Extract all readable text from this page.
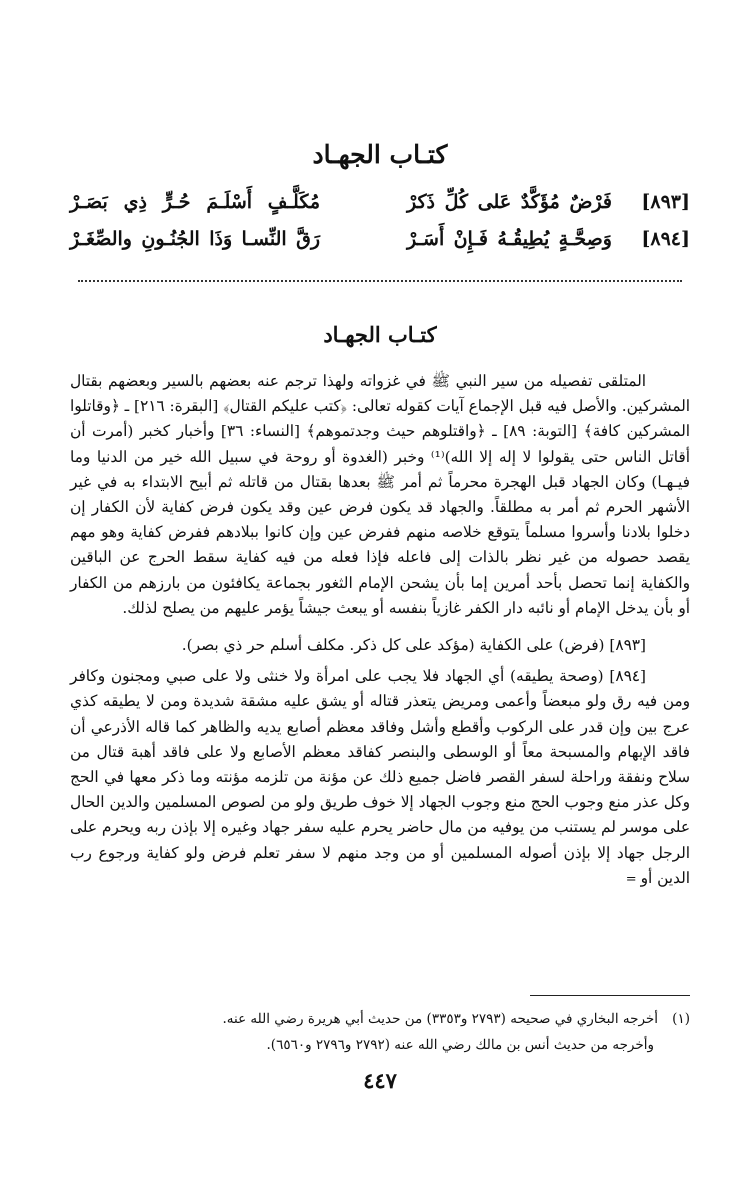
كتـاب الجهـاد
[٨٩٣]
فَرْضٌ مُؤَكَّدٌ عَلى كُلِّ ذَكرْ
مُكَلَّـفٍ أَسْلَـمَ حُـرٍّ ذِي بَصَـرْ
[٨٩٤]
وَصِحَّـةٍ يُطِيقُـهُ فَـإِنْ أَسَـرْ
رَقَّ النِّسـا وَذَا الجُنُـونِ والصِّغَـرْ
كتـاب الجهـاد

المتلقى تفصيله من سير النبي ﷺ في غزواته ولهذا ترجم عنه بعضهم بالسير وبعضهم بقتال المشركين. والأصل فيه قبل الإجماع آيات كقوله تعالى: ﴿كتب عليكم القتال﴾ [البقرة: ٢١٦] ـ ﴿وقاتلوا المشركين كافة﴾ [التوبة: ٨٩] ـ ﴿واقتلوهم حيث وجدتموهم﴾ [النساء: ٣٦] وأخبار كخبر (أمرت أن أقاتل الناس حتى يقولوا لا إله إلا الله)⁽¹⁾ وخبر (الغدوة أو روحة في سبيل الله خير من الدنيا وما فيـهـا) وكان الجهاد قبل الهجرة محرماً ثم أمر ﷺ بعدها بقتال من قاتله ثم أبيح الابتداء به في غير الأشهر الحرم ثم أمر به مطلقاً. والجهاد قد يكون فرض عين وقد يكون فرض كفاية لأن الكفار إن دخلوا بلادنا وأسروا مسلماً يتوقع خلاصه منهم ففرض عين وإن كانوا ببلادهم ففرض كفاية وهو مهم يقصد حصوله من غير نظر بالذات إلى فاعله فإذا فعله من فيه كفاية سقط الحرج عن الباقين والكفاية إنما تحصل بأحد أمرين إما بأن يشحن الإمام الثغور بجماعة يكافئون من بارزهم من الكفار أو بأن يدخل الإمام أو نائبه دار الكفر غازياً بنفسه أو يبعث جيشاً يؤمر عليهم من يصلح لذلك.

[٨٩٣] (فرض) على الكفاية (مؤكد على كل ذكر. مكلف أسلم حر ذي بصر).

[٨٩٤] (وصحة يطيقه) أي الجهاد فلا يجب على امرأة ولا خنثى ولا على صبي ومجنون وكافر ومن فيه رق ولو مبعضاً وأعمى ومريض يتعذر قتاله أو يشق عليه مشقة شديدة ومن لا يطيقه كذي عرج بين وإن قدر على الركوب وأقطع وأشل وفاقد معظم أصابع يديه والظاهر كما قاله الأذرعي أن فاقد الإبهام والمسبحة معاً أو الوسطى والبنصر كفاقد معظم الأصابع ولا على فاقد أهبة قتال من سلاح ونفقة وراحلة لسفر القصر فاضل جميع ذلك عن مؤنة من تلزمه مؤنته وما ذكر معها في الحج وكل عذر منع وجوب الحج منع وجوب الجهاد إلا خوف طريق ولو من لصوص المسلمين والدين الحال على موسر لم يستنب من يوفيه من مال حاضر يحرم عليه سفر جهاد وغيره إلا بإذن ربه ويحرم على الرجل جهاد إلا بإذن أصوله المسلمين أو من وجد منهم لا سفر تعلم فرض ولو كفاية ورجوع رب الدين أو=

(١)أخرجه البخاري في صحيحه (٢٧٩٣ و٣٣٥٣) من حديث أبي هريرة رضي الله عنه.

وأخرجه من حديث أنس بن مالك رضي الله عنه (٢٧٩٢ و٢٧٩٦ و٦٥٦٠).

٤٤٧
